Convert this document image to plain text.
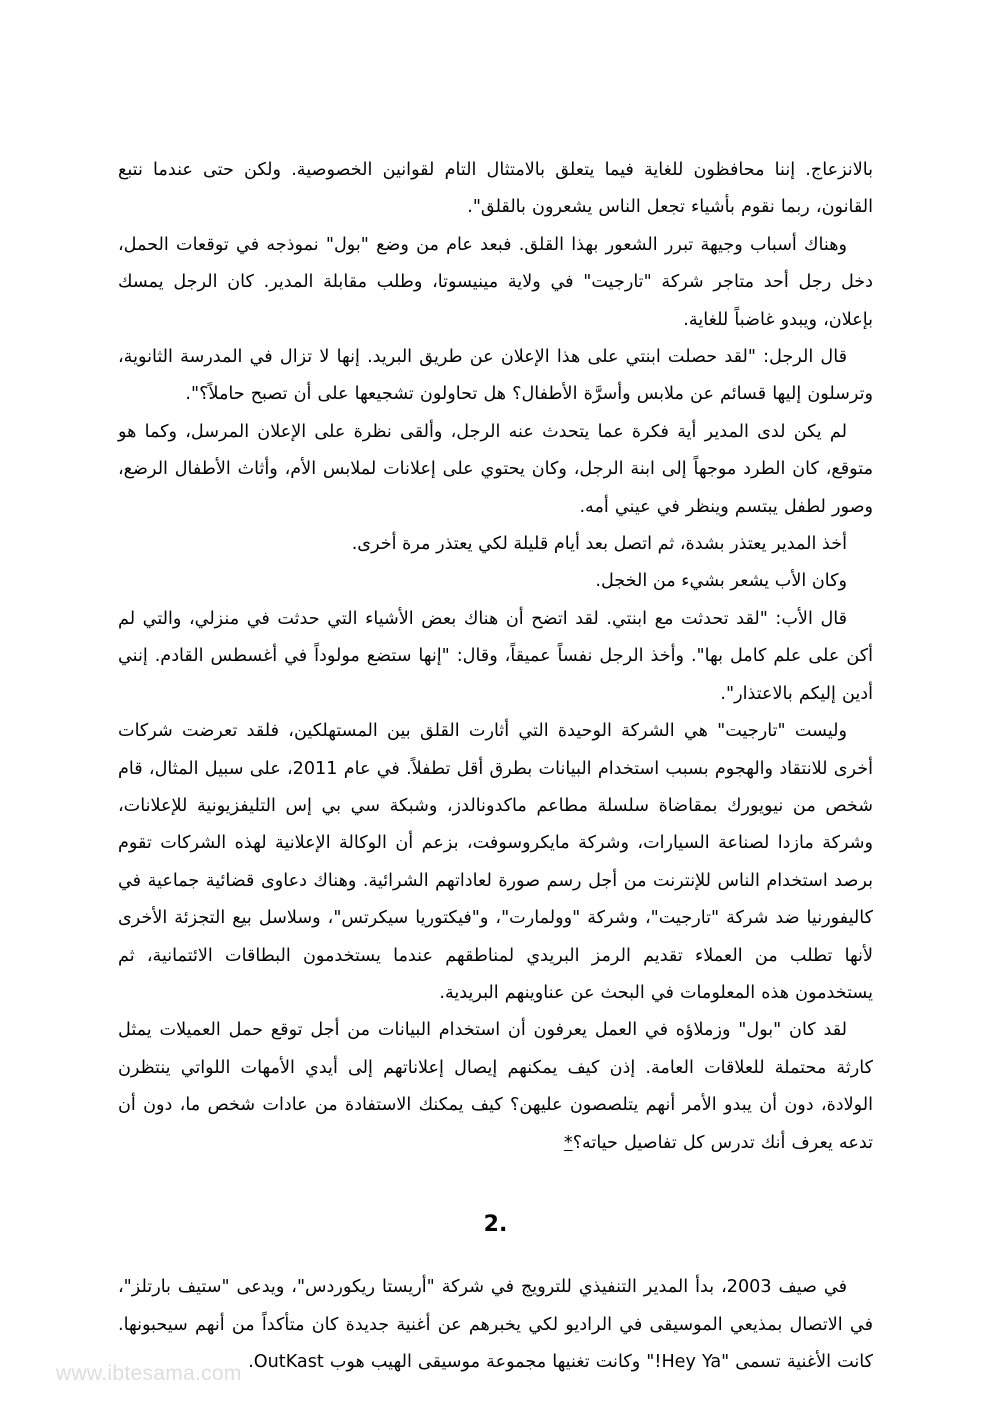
بالانزعاج. إننا محافظون للغاية فيما يتعلق بالامتثال التام لقوانين الخصوصية. ولكن حتى عندما نتبع القانون، ربما نقوم بأشياء تجعل الناس يشعرون بالقلق".

وهناك أسباب وجيهة تبرر الشعور بهذا القلق. فبعد عام من وضع "بول" نموذجه في توقعات الحمل، دخل رجل أحد متاجر شركة "تارجيت" في ولاية مينيسوتا، وطلب مقابلة المدير. كان الرجل يمسك بإعلان، ويبدو غاضباً للغاية.

قال الرجل: "لقد حصلت ابنتي على هذا الإعلان عن طريق البريد. إنها لا تزال في المدرسة الثانوية، وترسلون إليها قسائم عن ملابس وأسرَّة الأطفال؟ هل تحاولون تشجيعها على أن تصبح حاملاً؟".

لم يكن لدى المدير أية فكرة عما يتحدث عنه الرجل، وألقى نظرة على الإعلان المرسل، وكما هو متوقع، كان الطرد موجهاً إلى ابنة الرجل، وكان يحتوي على إعلانات لملابس الأم، وأثاث الأطفال الرضع، وصور لطفل يبتسم وينظر في عيني أمه.

أخذ المدير يعتذر بشدة، ثم اتصل بعد أيام قليلة لكي يعتذر مرة أخرى.

وكان الأب يشعر بشيء من الخجل.

قال الأب: "لقد تحدثت مع ابنتي. لقد اتضح أن هناك بعض الأشياء التي حدثت في منزلي، والتي لم أكن على علم كامل بها". وأخذ الرجل نفساً عميقاً، وقال: "إنها ستضع مولوداً في أغسطس القادم. إنني أدين إليكم بالاعتذار".

وليست "تارجيت" هي الشركة الوحيدة التي أثارت القلق بين المستهلكين، فلقد تعرضت شركات أخرى للانتقاد والهجوم بسبب استخدام البيانات بطرق أقل تطفلاً. في عام 2011، على سبيل المثال، قام شخص من نيويورك بمقاضاة سلسلة مطاعم ماكدونالدز، وشبكة سي بي إس التليفزيونية للإعلانات، وشركة مازدا لصناعة السيارات، وشركة مايكروسوفت، بزعم أن الوكالة الإعلانية لهذه الشركات تقوم برصد استخدام الناس للإنترنت من أجل رسم صورة لعاداتهم الشرائية. وهناك دعاوى قضائية جماعية في كاليفورنيا ضد شركة "تارجيت"، وشركة "وولمارت"، و"فيكتوريا سيكرتس"، وسلاسل بيع التجزئة الأخرى لأنها تطلب من العملاء تقديم الرمز البريدي لمناطقهم عندما يستخدمون البطاقات الائتمانية، ثم يستخدمون هذه المعلومات في البحث عن عناوينهم البريدية.

لقد كان "بول" وزملاؤه في العمل يعرفون أن استخدام البيانات من أجل توقع حمل العميلات يمثل كارثة محتملة للعلاقات العامة. إذن كيف يمكنهم إيصال إعلاناتهم إلى أيدي الأمهات اللواتي ينتظرن الولادة، دون أن يبدو الأمر أنهم يتلصصون عليهن؟ كيف يمكنك الاستفادة من عادات شخص ما، دون أن تدعه يعرف أنك تدرس كل تفاصيل حياته؟*

.2

في صيف 2003، بدأ المدير التنفيذي للترويج في شركة "أريستا ريكوردس"، ويدعى "ستيف بارتلز"، في الاتصال بمذيعي الموسيقى في الراديو لكي يخبرهم عن أغنية جديدة كان متأكداً من أنهم سيحبونها. كانت الأغنية تسمى "Hey Ya!" وكانت تغنيها مجموعة موسيقى الهيب هوب OutKast.

www.ibtesama.com
